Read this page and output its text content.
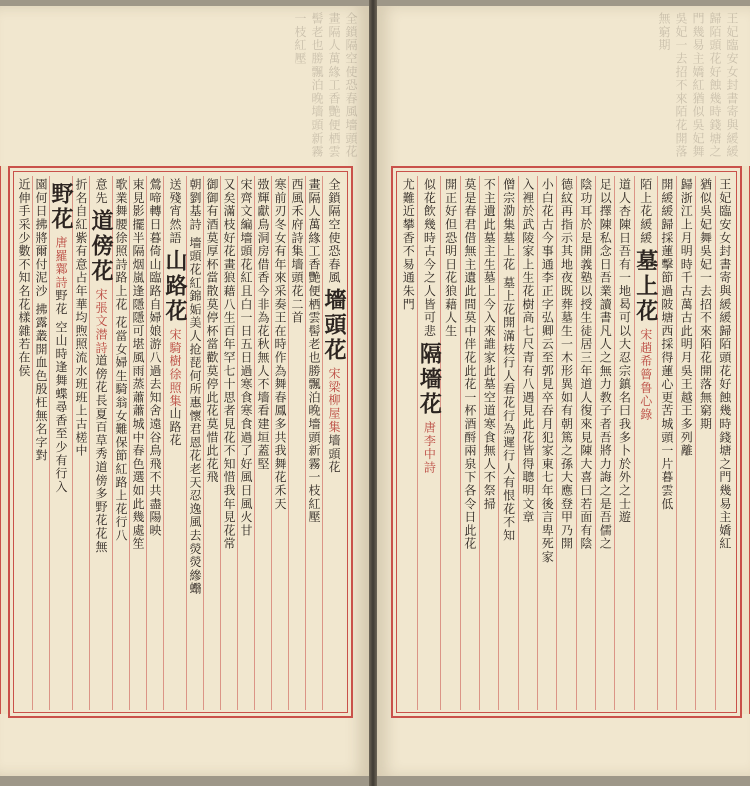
王妃臨安女封書寄與緩緩歸陌頭花好蝕幾時錢塘之門幾易主嬌紅猶似吳妃舞吳妃一去招不來陌花開落無窮期
王妃臨安女封書寄與緩緩歸陌頭花好蝕幾時錢塘之門幾易主嬌紅
猶似吳妃舞吳妃一去招不來陌花開落無窮期
歸浙江上月明時千古萬古此明月吳王越王多列離
開緩緩歸採蓮擊節過陂塘西採得蓮心更苦城頭一片暮雲低
陌上花緩緩
墓上花
宋趙希䉕鲁心錄
道人杏陳日吾有一地曷可以大忍宗鎮名曰我多卜於外之士遊
足以擇陳私念日吾業讀書凡人之無力教子者吾將力誨之是吾儒之
陰功耳於是開義塾以授生徒居三年道人復來見陳大喜曰若面有陰
德紋再指示其地夜既葬墓生一木形異如有朝篤之孫大應登甲乃開
小白花古今事通李正字弘卿云至郭見卒吞月犯家東七年後言卑死家
入裡於武陵家上生花樹高七尺青有八遇見此花皆得聰明文章
僧宗泐集墓上花 墓上花開滿枝行人看花行為遲行人有恨花不知
不主遺此墓主生墓上今入來誰家此墓空道寒食無人不祭掃
莫是春君借無主遺此間莫中伴花此花一杯酒酹兩泉下各令日此花
開正好但恐明日花狼藉人生
似花飲幾時古今之人皆可悲
隔墻花
唐李中詩
尤難近攀香不易通朱門
全鎖隔空使恐春風墻頭花畫隔人萬緣工香艷便栖雲髻老也勝飄泊晚墻頭新霧一枝紅壓
全鎖隔空使恐春風
墻頭花
宋梁柳屋集
墻頭花
畫隔人萬緣工香艷便栖雲髻老也勝飄泊晚墻頭新霧一枝紅壓
西風禾府詩集墻頭花二首
寒前刃冬女有年來采奏王在時作為舞春鳳多共我舞花禾天
㢸輝獻鳥洞房借香今非為花秋無人不墻看建垣蓋堅
宋齊文編墻頭花紅且白一日五日過寒食寒食過了好風日風火甘
又矣滿枝好花畫狼藉八生百年罕七十思者見花不知惜我年見花常
御御有酒莫厚杯當散莫停杯當歡莫停此花莫惜此花飛
朝劉基詩 墻頭花紅錦姤美人抢琵何所惠懷君恩花老天忍逸風去熒熒縿蠮
送殘宵然語
山路花
宋騎樹徐照集
山路花
鶯啼轉日暮倚山臨路自婦娘游八過去知舍遠谷鳥飛不共盡陽映
束見影擺半隔烟嵐逢隱隱可堪風雨蒸蕭蕭城中春色選如此幾處笙
歌業舞腰徐照詩路上花 花當女婦生騎翁女難保節紅路上花行八
意先
道傍花
宋張文潜詩
道傍花長夏百草秀道傍多野花花無
折名自紅紫有意占年華均煦照流水班班上古槎中
野花
唐羅鄴詩
野花 空山時逢舞蝶尋香至少有行入
園何日拂將爾付泥沙 拂露叢開血色殷枉無名字對
近伸手采少數不知名花樣雜若在侯
